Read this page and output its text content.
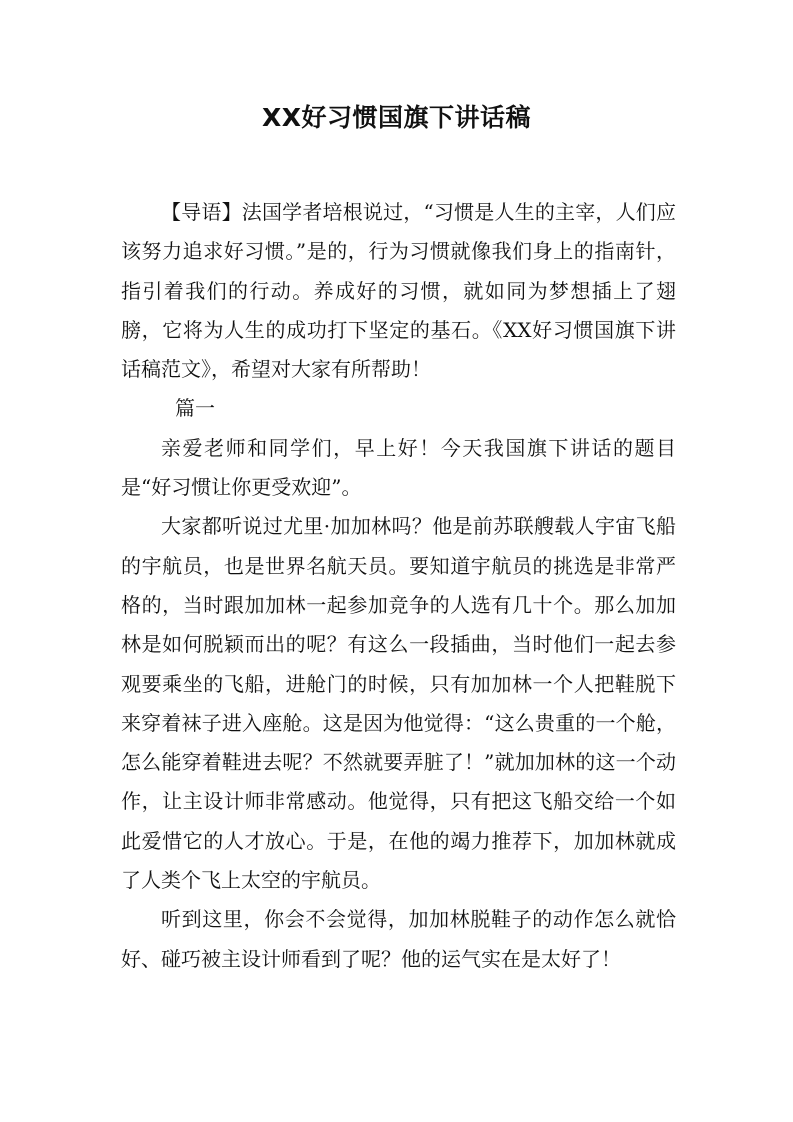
XX好习惯国旗下讲话稿

【导语】法国学者培根说过，“习惯是人生的主宰，人们应该努力追求好习惯。”是的，行为习惯就像我们身上的指南针，指引着我们的行动。养成好的习惯，就如同为梦想插上了翅膀，它将为人生的成功打下坚定的基石。《XX好习惯国旗下讲话稿范文》，希望对大家有所帮助！

篇一

亲爱老师和同学们，早上好！今天我国旗下讲话的题目是“好习惯让你更受欢迎”。

大家都听说过尤里·加加林吗？他是前苏联艘载人宇宙飞船的宇航员，也是世界名航天员。要知道宇航员的挑选是非常严格的，当时跟加加林一起参加竞争的人选有几十个。那么加加林是如何脱颖而出的呢？有这么一段插曲，当时他们一起去参观要乘坐的飞船，进舱门的时候，只有加加林一个人把鞋脱下来穿着袜子进入座舱。这是因为他觉得：“这么贵重的一个舱，怎么能穿着鞋进去呢？不然就要弄脏了！”就加加林的这一个动作，让主设计师非常感动。他觉得，只有把这飞船交给一个如此爱惜它的人才放心。于是，在他的竭力推荐下，加加林就成了人类个飞上太空的宇航员。

听到这里，你会不会觉得，加加林脱鞋子的动作怎么就恰好、碰巧被主设计师看到了呢？他的运气实在是太好了！
